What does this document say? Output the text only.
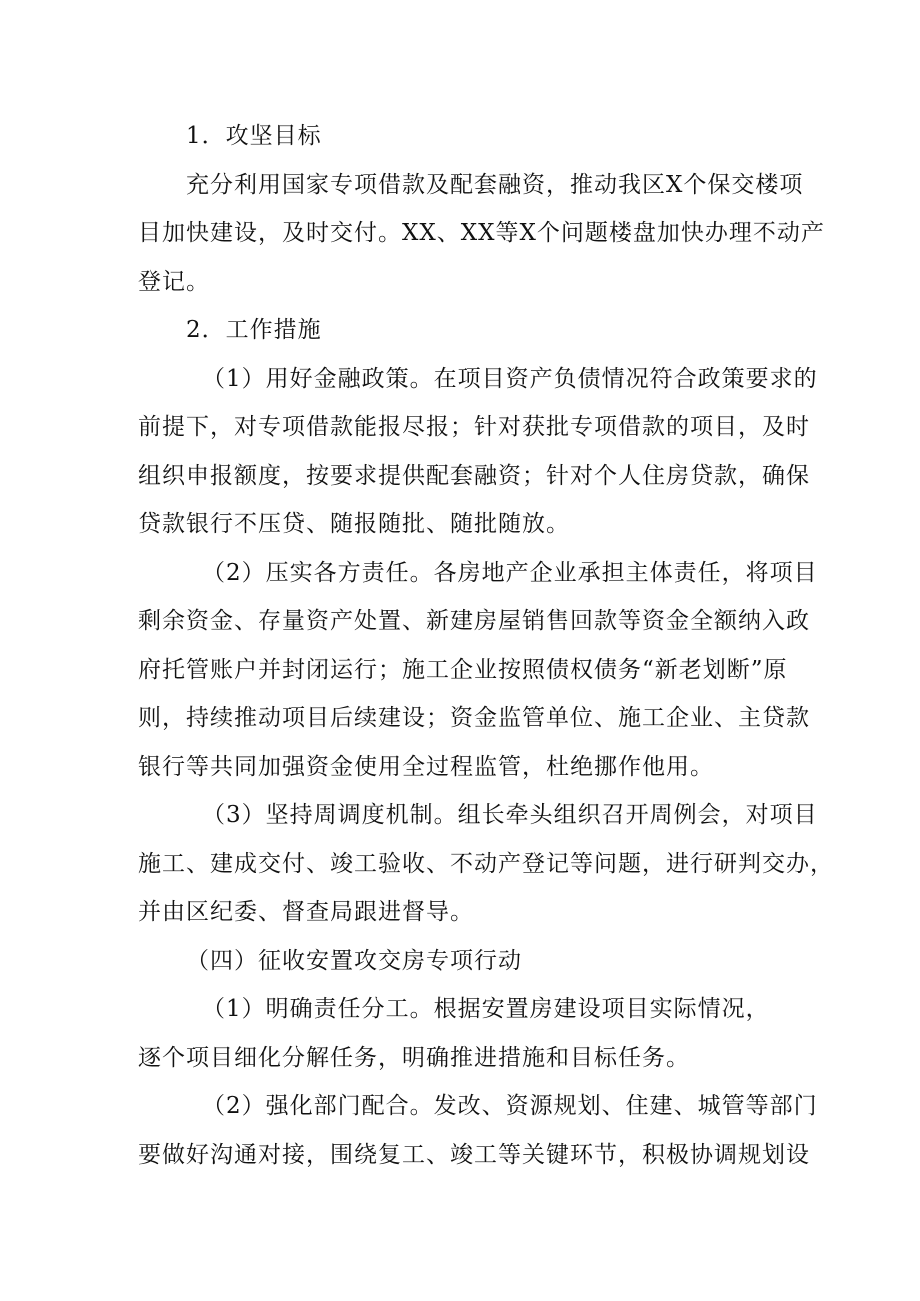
1．攻坚目标
充分利用国家专项借款及配套融资，推动我区X个保交楼项
目加快建设，及时交付。XX、XX等X个问题楼盘加快办理不动产
登记。
2．工作措施
（1）用好金融政策。在项目资产负债情况符合政策要求的
前提下，对专项借款能报尽报；针对获批专项借款的项目，及时
组织申报额度，按要求提供配套融资；针对个人住房贷款，确保
贷款银行不压贷、随报随批、随批随放。
（2）压实各方责任。各房地产企业承担主体责任，将项目
剩余资金、存量资产处置、新建房屋销售回款等资金全额纳入政
府托管账户并封闭运行；施工企业按照债权债务“新老划断”原
则，持续推动项目后续建设；资金监管单位、施工企业、主贷款
银行等共同加强资金使用全过程监管，杜绝挪作他用。
（3）坚持周调度机制。组长牵头组织召开周例会，对项目
施工、建成交付、竣工验收、不动产登记等问题，进行研判交办，
并由区纪委、督查局跟进督导。
（四）征收安置攻交房专项行动
（1）明确责任分工。根据安置房建设项目实际情况，
逐个项目细化分解任务，明确推进措施和目标任务。
（2）强化部门配合。发改、资源规划、住建、城管等部门
要做好沟通对接，围绕复工、竣工等关键环节，积极协调规划设
